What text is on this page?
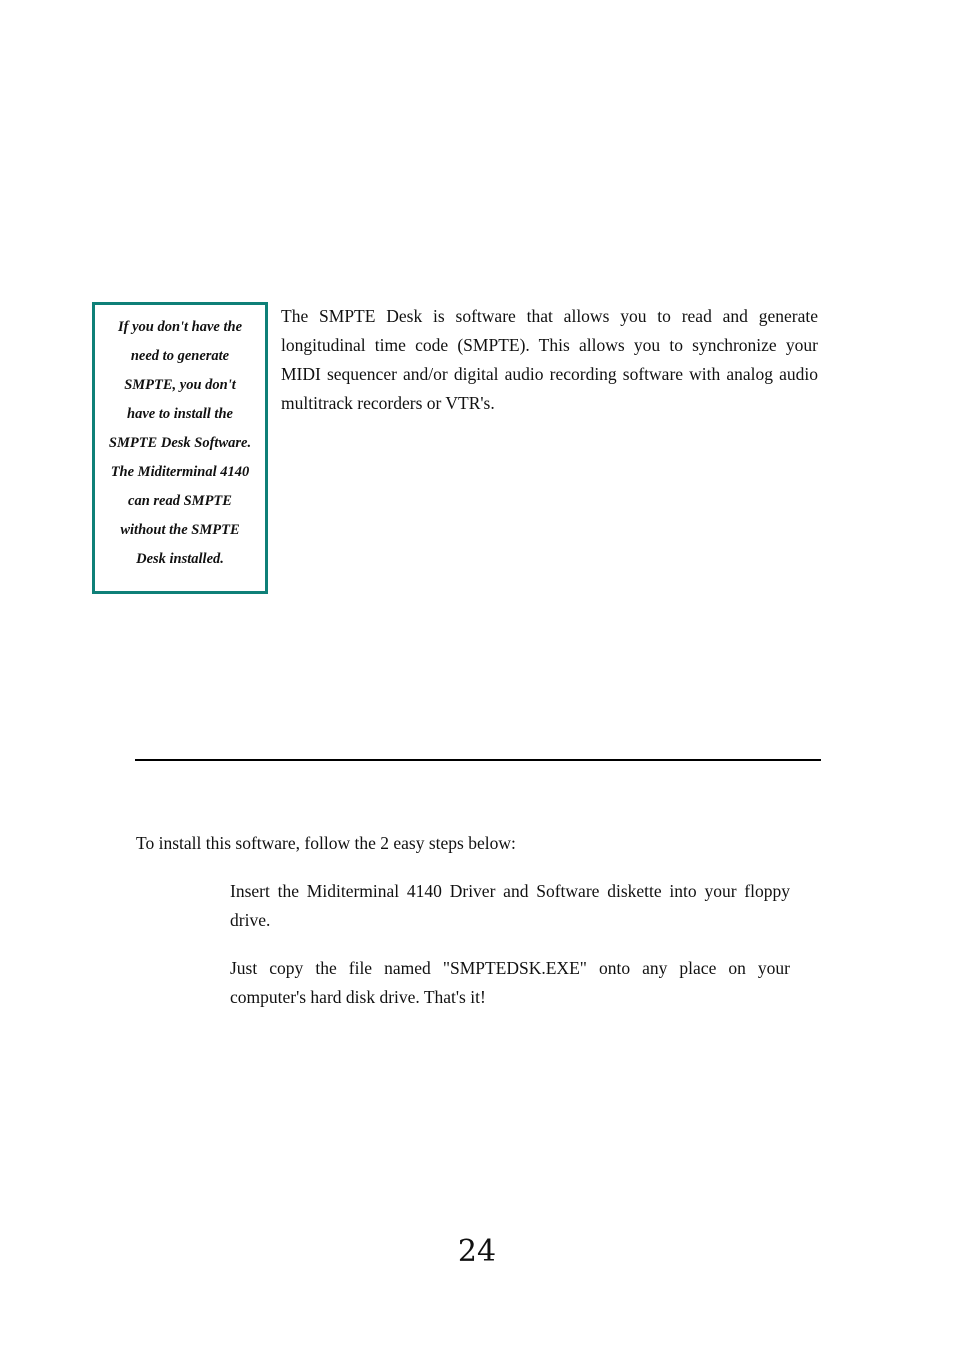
If you don't have the
need to generate
SMPTE, you don't
have to install the
SMPTE Desk Software.
The Miditerminal 4140
can read SMPTE
without the SMPTE
Desk installed.

The SMPTE Desk is software that allows you to read and generate longitudinal time code (SMPTE). This allows you to synchronize your MIDI sequencer and/or digital audio recording software with analog audio multitrack recorders or VTR's.

To install this software, follow the 2 easy steps below:

Insert the Miditerminal 4140 Driver and Software diskette into your floppy drive.

Just copy the file named "SMPTEDSK.EXE" onto any place on your computer's hard disk drive. That's it!

24
